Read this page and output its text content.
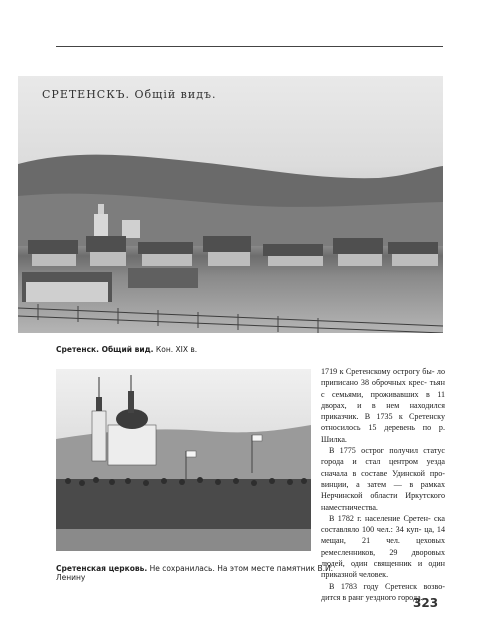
СРЕТЕНСКЪ. Общiй видъ.
Сретенск. Общий вид. Кон. XIX в.
Сретенская церковь. Не сохранилась. На этом месте памятник В.И. Ленину

1719 к Сретенскому острогу бы- ло приписано 38 оброчных крес- тьян с семьями, проживавших в 11 дворах, и в нем находился приказчик. В 1735 к Сретенску относилось 15 деревень по р. Шилка.

В 1775 острог получил статус города и стал центром уезда сначала в составе Удинской про- винции, а затем — в рамках Нерчинской области Иркутского наместничества.

В 1782 г. население Сретен- ска составляло 100 чел.: 34 куп- ца, 14 мещан, 21 чел. цеховых ремесленников, 29 дворовых людей, один священник и один приказной человек.

В 1783 году Сретенск возво- дится в ранг уездного города.

323
